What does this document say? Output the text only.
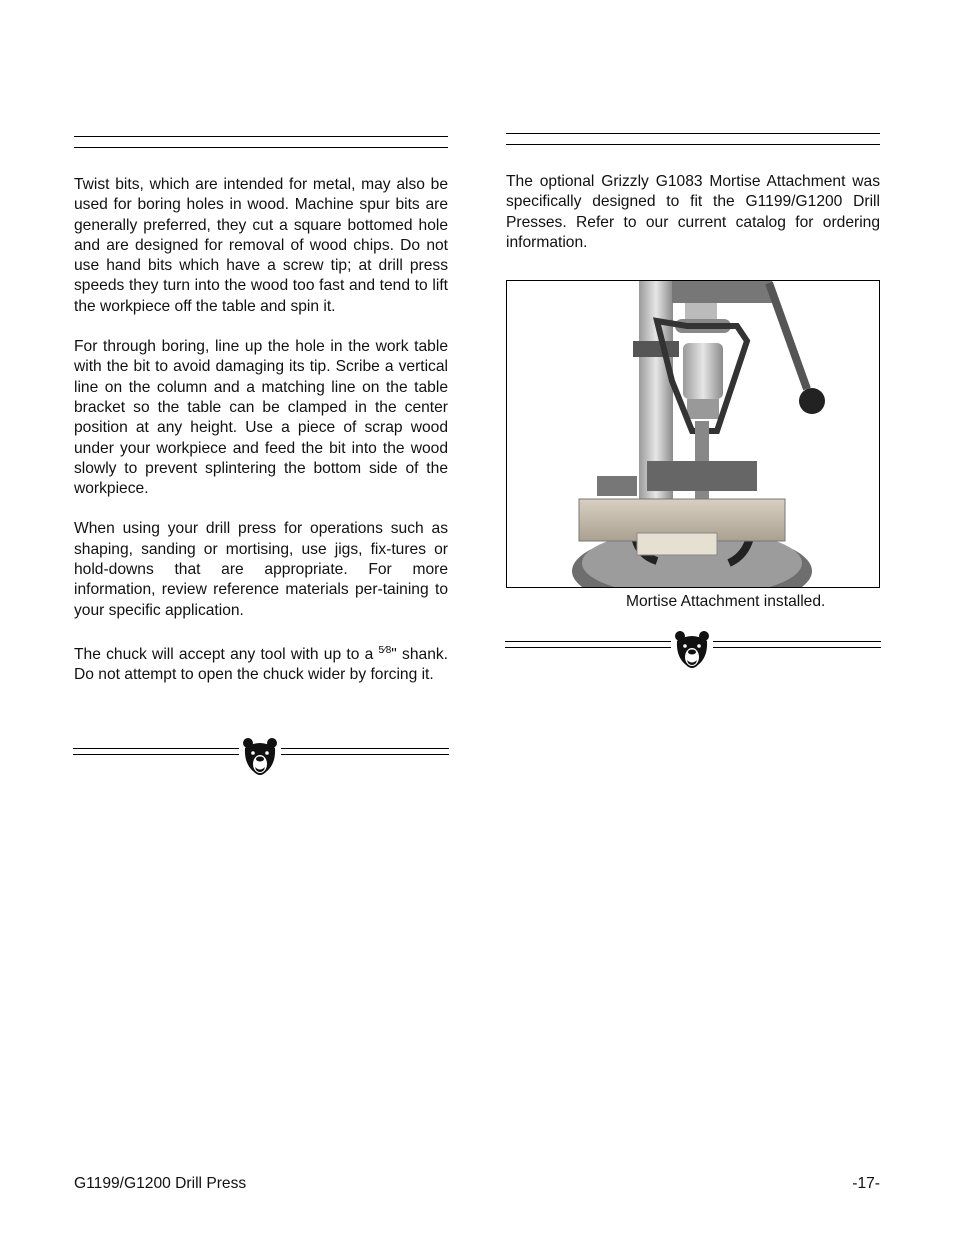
Twist bits, which are intended for metal, may also be used for boring holes in wood. Machine spur bits are generally preferred, they cut a square bottomed hole and are designed for removal of wood chips. Do not use hand bits which have a screw tip; at drill press speeds they turn into the wood too fast and tend to lift the workpiece off the table and spin it.

For through boring, line up the hole in the work table with the bit to avoid damaging its tip. Scribe a vertical line on the column and a matching line on the table bracket so the table can be clamped in the center position at any height. Use a piece of scrap wood under your workpiece and feed the bit into the wood slowly to prevent splintering the bottom side of the workpiece.

When using your drill press for operations such as shaping, sanding or mortising, use jigs, fix-tures or hold-downs that are appropriate. For more information, review reference materials per-taining to your specific application.

The chuck will accept any tool with up to a $^{5⁄8}$" shank. Do not attempt to open the chuck wider by forcing it.

The optional Grizzly G1083 Mortise Attachment was specifically designed to fit the G1199/G1200 Drill Presses. Refer to our current catalog for ordering information.

Mortise Attachment installed.
G1199/G1200 Drill Press	-17-
